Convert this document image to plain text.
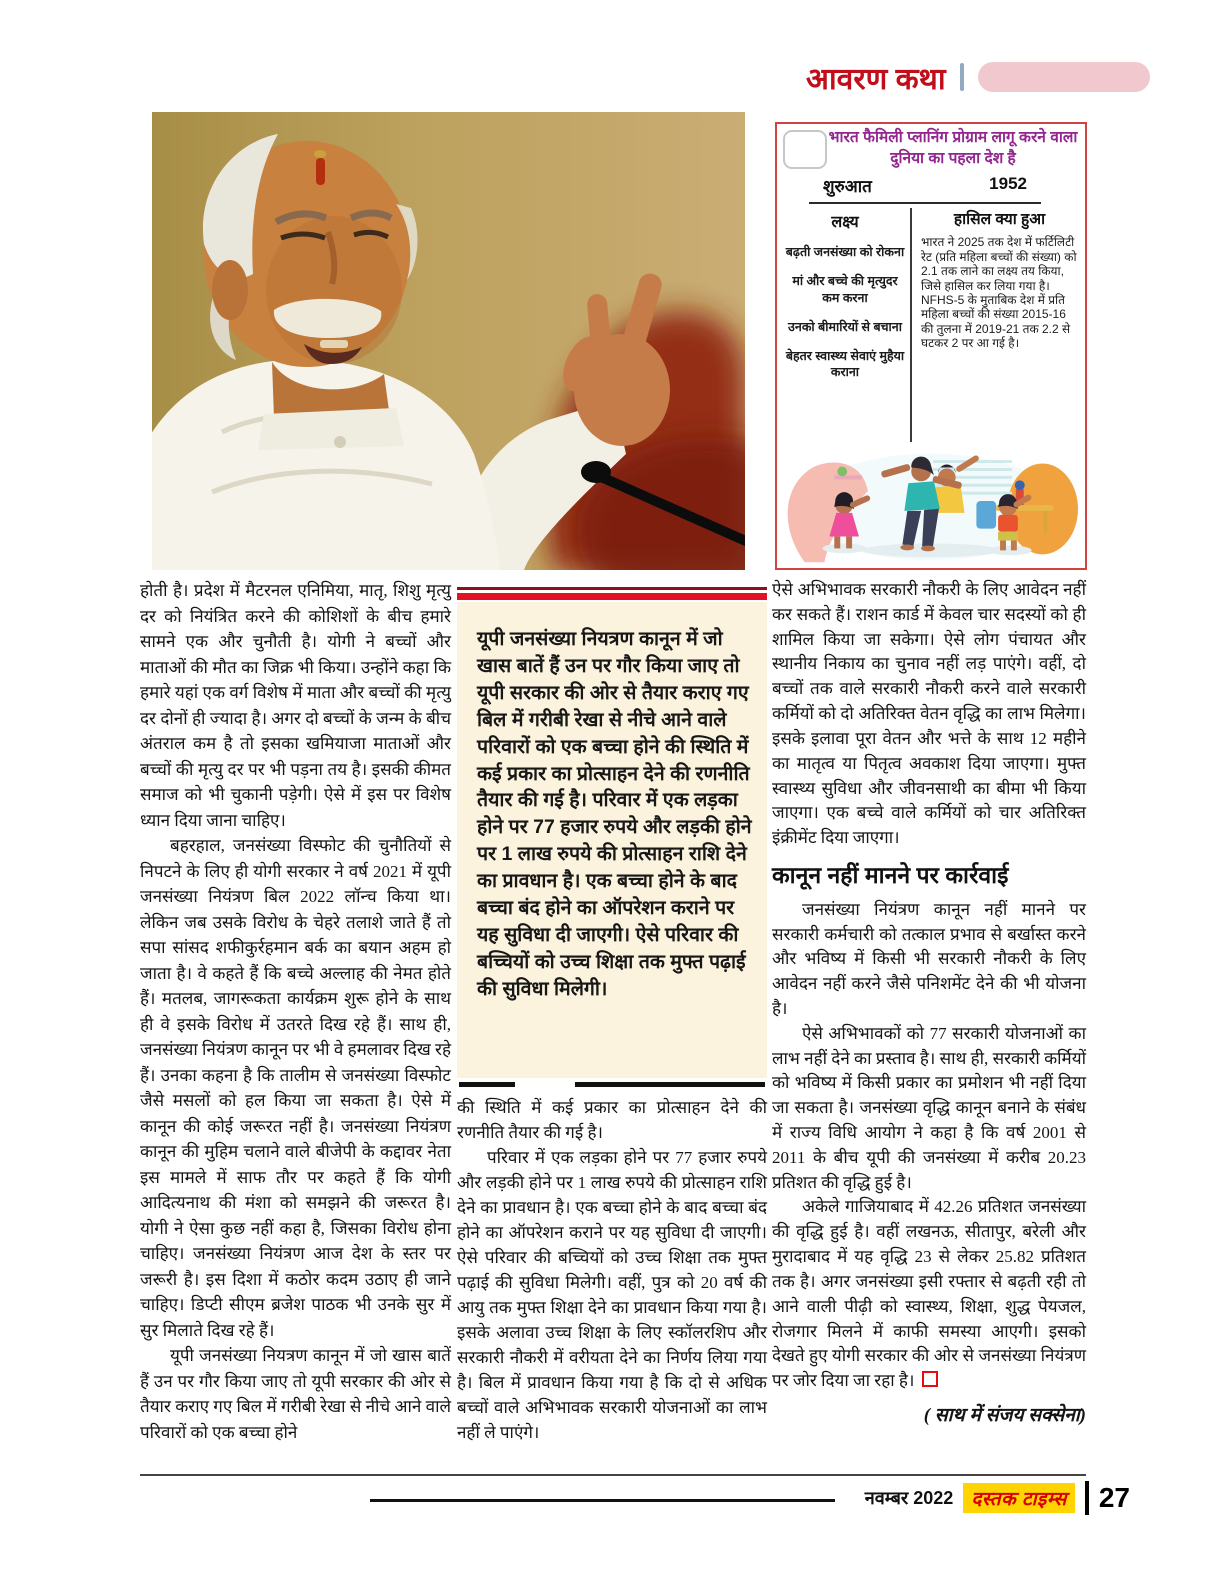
आवरण कथा
भारत फैमिली प्लानिंग प्रोग्राम लागू करने वाला दुनिया का पहला देश है
शुरुआत	1952
लक्ष्य
बढ़ती जनसंख्या को रोकना
मां और बच्चे की मृत्युदर कम करना
उनको बीमारियों से बचाना
बेहतर स्वास्थ्य सेवाएं मुहैया कराना
हासिल क्या हुआ

भारत ने 2025 तक देश में फर्टिलिटी रेट (प्रति महिला बच्चों की संख्या) को 2.1 तक लाने का लक्ष्य तय किया, जिसे हासिल कर लिया गया है। NFHS-5 के मुताबिक देश में प्रति महिला बच्चों की संख्या 2015-16 की तुलना में 2019-21 तक 2.2 से घटकर 2 पर आ गई है।

होती है। प्रदेश में मैटरनल एनिमिया, मातृ, शिशु मृत्यु दर को नियंत्रित करने की कोशिशों के बीच हमारे सामने एक और चुनौती है। योगी ने बच्चों और माताओं की मौत का जिक्र भी किया। उन्होंने कहा कि हमारे यहां एक वर्ग विशेष में माता और बच्चों की मृत्यु दर दोनों ही ज्यादा है। अगर दो बच्चों के जन्म के बीच अंतराल कम है तो इसका खमियाजा माताओं और बच्चों की मृत्यु दर पर भी पड़ना तय है। इसकी कीमत समाज को भी चुकानी पड़ेगी। ऐसे में इस पर विशेष ध्यान दिया जाना चाहिए।

बहरहाल, जनसंख्या विस्फोट की चुनौतियों से निपटने के लिए ही योगी सरकार ने वर्ष 2021 में यूपी जनसंख्या नियंत्रण बिल 2022 लॉन्च किया था। लेकिन जब उसके विरोध के चेहरे तलाशे जाते हैं तो सपा सांसद शफीकुर्रहमान बर्क का बयान अहम हो जाता है। वे कहते हैं कि बच्चे अल्लाह की नेमत होते हैं। मतलब, जागरूकता कार्यक्रम शुरू होने के साथ ही वे इसके विरोध में उतरते दिख रहे हैं। साथ ही, जनसंख्या नियंत्रण कानून पर भी वे हमलावर दिख रहे हैं। उनका कहना है कि तालीम से जनसंख्या विस्फोट जैसे मसलों को हल किया जा सकता है। ऐसे में कानून की कोई जरूरत नहीं है। जनसंख्या नियंत्रण कानून की मुहिम चलाने वाले बीजेपी के कद्दावर नेता इस मामले में साफ तौर पर कहते हैं कि योगी आदित्यनाथ की मंशा को समझने की जरूरत है। योगी ने ऐसा कुछ नहीं कहा है, जिसका विरोध होना चाहिए। जनसंख्या नियंत्रण आज देश के स्तर पर जरूरी है। इस दिशा में कठोर कदम उठाए ही जाने चाहिए। डिप्टी सीएम ब्रजेश पाठक भी उनके सुर में सुर मिलाते दिख रहे हैं।

यूपी जनसंख्या नियत्रण कानून में जो खास बातें हैं उन पर गौर किया जाए तो यूपी सरकार की ओर से तैयार कराए गए बिल में गरीबी रेखा से नीचे आने वाले परिवारों को एक बच्चा होने

यूपी जनसंख्या नियत्रण कानून में जो खास बातें हैं उन पर गौर किया जाए तो यूपी सरकार की ओर से तैयार कराए गए बिल में गरीबी रेखा से नीचे आने वाले परिवारों को एक बच्चा होने की स्थिति में कई प्रकार का प्रोत्साहन देने की रणनीति तैयार की गई है। परिवार में एक लड़का होने पर 77 हजार रुपये और लड़की होने पर 1 लाख रुपये की प्रोत्साहन राशि देने का प्रावधान है। एक बच्चा होने के बाद बच्चा बंद होने का ऑपरेशन कराने पर यह सुविधा दी जाएगी। ऐसे परिवार की बच्चियों को उच्च शिक्षा तक मुफ्त पढ़ाई की सुविधा मिलेगी।

की स्थिति में कई प्रकार का प्रोत्साहन देने की रणनीति तैयार की गई है।

परिवार में एक लड़का होने पर 77 हजार रुपये और लड़की होने पर 1 लाख रुपये की प्रोत्साहन राशि देने का प्रावधान है। एक बच्चा होने के बाद बच्चा बंद होने का ऑपरेशन कराने पर यह सुविधा दी जाएगी। ऐसे परिवार की बच्चियों को उच्च शिक्षा तक मुफ्त पढ़ाई की सुविधा मिलेगी। वहीं, पुत्र को 20 वर्ष की आयु तक मुफ्त शिक्षा देने का प्रावधान किया गया है। इसके अलावा उच्च शिक्षा के लिए स्कॉलरशिप और सरकारी नौकरी में वरीयता देने का निर्णय लिया गया है। बिल में प्रावधान किया गया है कि दो से अधिक बच्चों वाले अभिभावक सरकारी योजनाओं का लाभ नहीं ले पाएंगे।

ऐसे अभिभावक सरकारी नौकरी के लिए आवेदन नहीं कर सकते हैं। राशन कार्ड में केवल चार सदस्यों को ही शामिल किया जा सकेगा। ऐसे लोग पंचायत और स्थानीय निकाय का चुनाव नहीं लड़ पाएंगे। वहीं, दो बच्चों तक वाले सरकारी नौकरी करने वाले सरकारी कर्मियों को दो अतिरिक्त वेतन वृद्धि का लाभ मिलेगा। इसके इलावा पूरा वेतन और भत्ते के साथ 12 महीने का मातृत्व या पितृत्व अवकाश दिया जाएगा। मुफ्त स्वास्थ्य सुविधा और जीवनसाथी का बीमा भी किया जाएगा। एक बच्चे वाले कर्मियों को चार अतिरिक्त इंक्रीमेंट दिया जाएगा।

कानून नहीं मानने पर कार्रवाई

जनसंख्या नियंत्रण कानून नहीं मानने पर सरकारी कर्मचारी को तत्काल प्रभाव से बर्खास्त करने और भविष्य में किसी भी सरकारी नौकरी के लिए आवेदन नहीं करने जैसे पनिशमेंट देने की भी योजना है।

ऐसे अभिभावकों को 77 सरकारी योजनाओं का लाभ नहीं देने का प्रस्ताव है। साथ ही, सरकारी कर्मियों को भविष्य में किसी प्रकार का प्रमोशन भी नहीं दिया जा सकता है। जनसंख्या वृद्धि कानून बनाने के संबंध में राज्य विधि आयोग ने कहा है कि वर्ष 2001 से 2011 के बीच यूपी की जनसंख्या में करीब 20.23 प्रतिशत की वृद्धि हुई है।

अकेले गाजियाबाद में 42.26 प्रतिशत जनसंख्या की वृद्धि हुई है। वहीं लखनऊ, सीतापुर, बरेली और मुरादाबाद में यह वृद्धि 23 से लेकर 25.82 प्रतिशत तक है। अगर जनसंख्या इसी रफ्तार से बढ़ती रही तो आने वाली पीढ़ी को स्वास्थ्य, शिक्षा, शुद्ध पेयजल, रोजगार मिलने में काफी समस्या आएगी। इसको देखते हुए योगी सरकार की ओर से जनसंख्या नियंत्रण पर जोर दिया जा रहा है।

( साथ में संजय सक्सेना)

नवम्बर 2022 दस्तक टाइम्स 27
